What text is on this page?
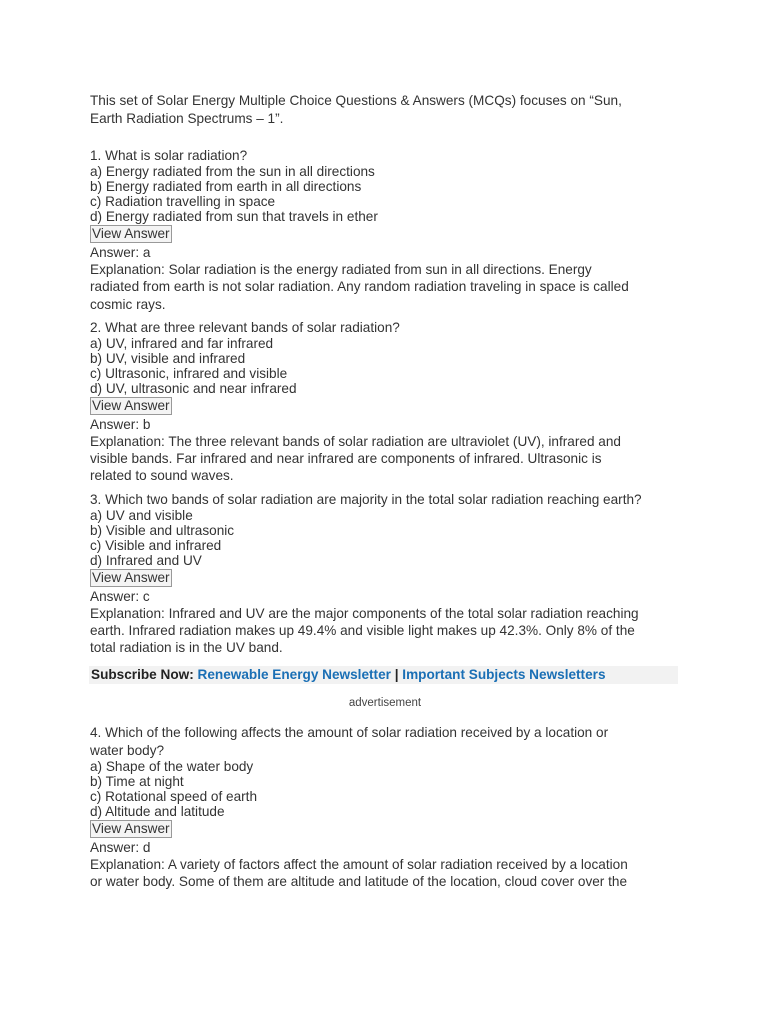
This set of Solar Energy Multiple Choice Questions & Answers (MCQs) focuses on “Sun,
Earth Radiation Spectrums – 1”.
1. What is solar radiation?
a) Energy radiated from the sun in all directions
b) Energy radiated from earth in all directions
c) Radiation travelling in space
d) Energy radiated from sun that travels in ether
View Answer
Answer: a
Explanation: Solar radiation is the energy radiated from sun in all directions. Energy
radiated from earth is not solar radiation. Any random radiation traveling in space is called
cosmic rays.
2. What are three relevant bands of solar radiation?
a) UV, infrared and far infrared
b) UV, visible and infrared
c) Ultrasonic, infrared and visible
d) UV, ultrasonic and near infrared
View Answer
Answer: b
Explanation: The three relevant bands of solar radiation are ultraviolet (UV), infrared and
visible bands. Far infrared and near infrared are components of infrared. Ultrasonic is
related to sound waves.
3. Which two bands of solar radiation are majority in the total solar radiation reaching earth?
a) UV and visible
b) Visible and ultrasonic
c) Visible and infrared
d) Infrared and UV
View Answer
Answer: c
Explanation: Infrared and UV are the major components of the total solar radiation reaching
earth. Infrared radiation makes up 49.4% and visible light makes up 42.3%. Only 8% of the
total radiation is in the UV band.
Subscribe Now: Renewable Energy Newsletter | Important Subjects Newsletters
advertisement
4. Which of the following affects the amount of solar radiation received by a location or
water body?
a) Shape of the water body
b) Time at night
c) Rotational speed of earth
d) Altitude and latitude
View Answer
Answer: d
Explanation: A variety of factors affect the amount of solar radiation received by a location
or water body. Some of them are altitude and latitude of the location, cloud cover over the
